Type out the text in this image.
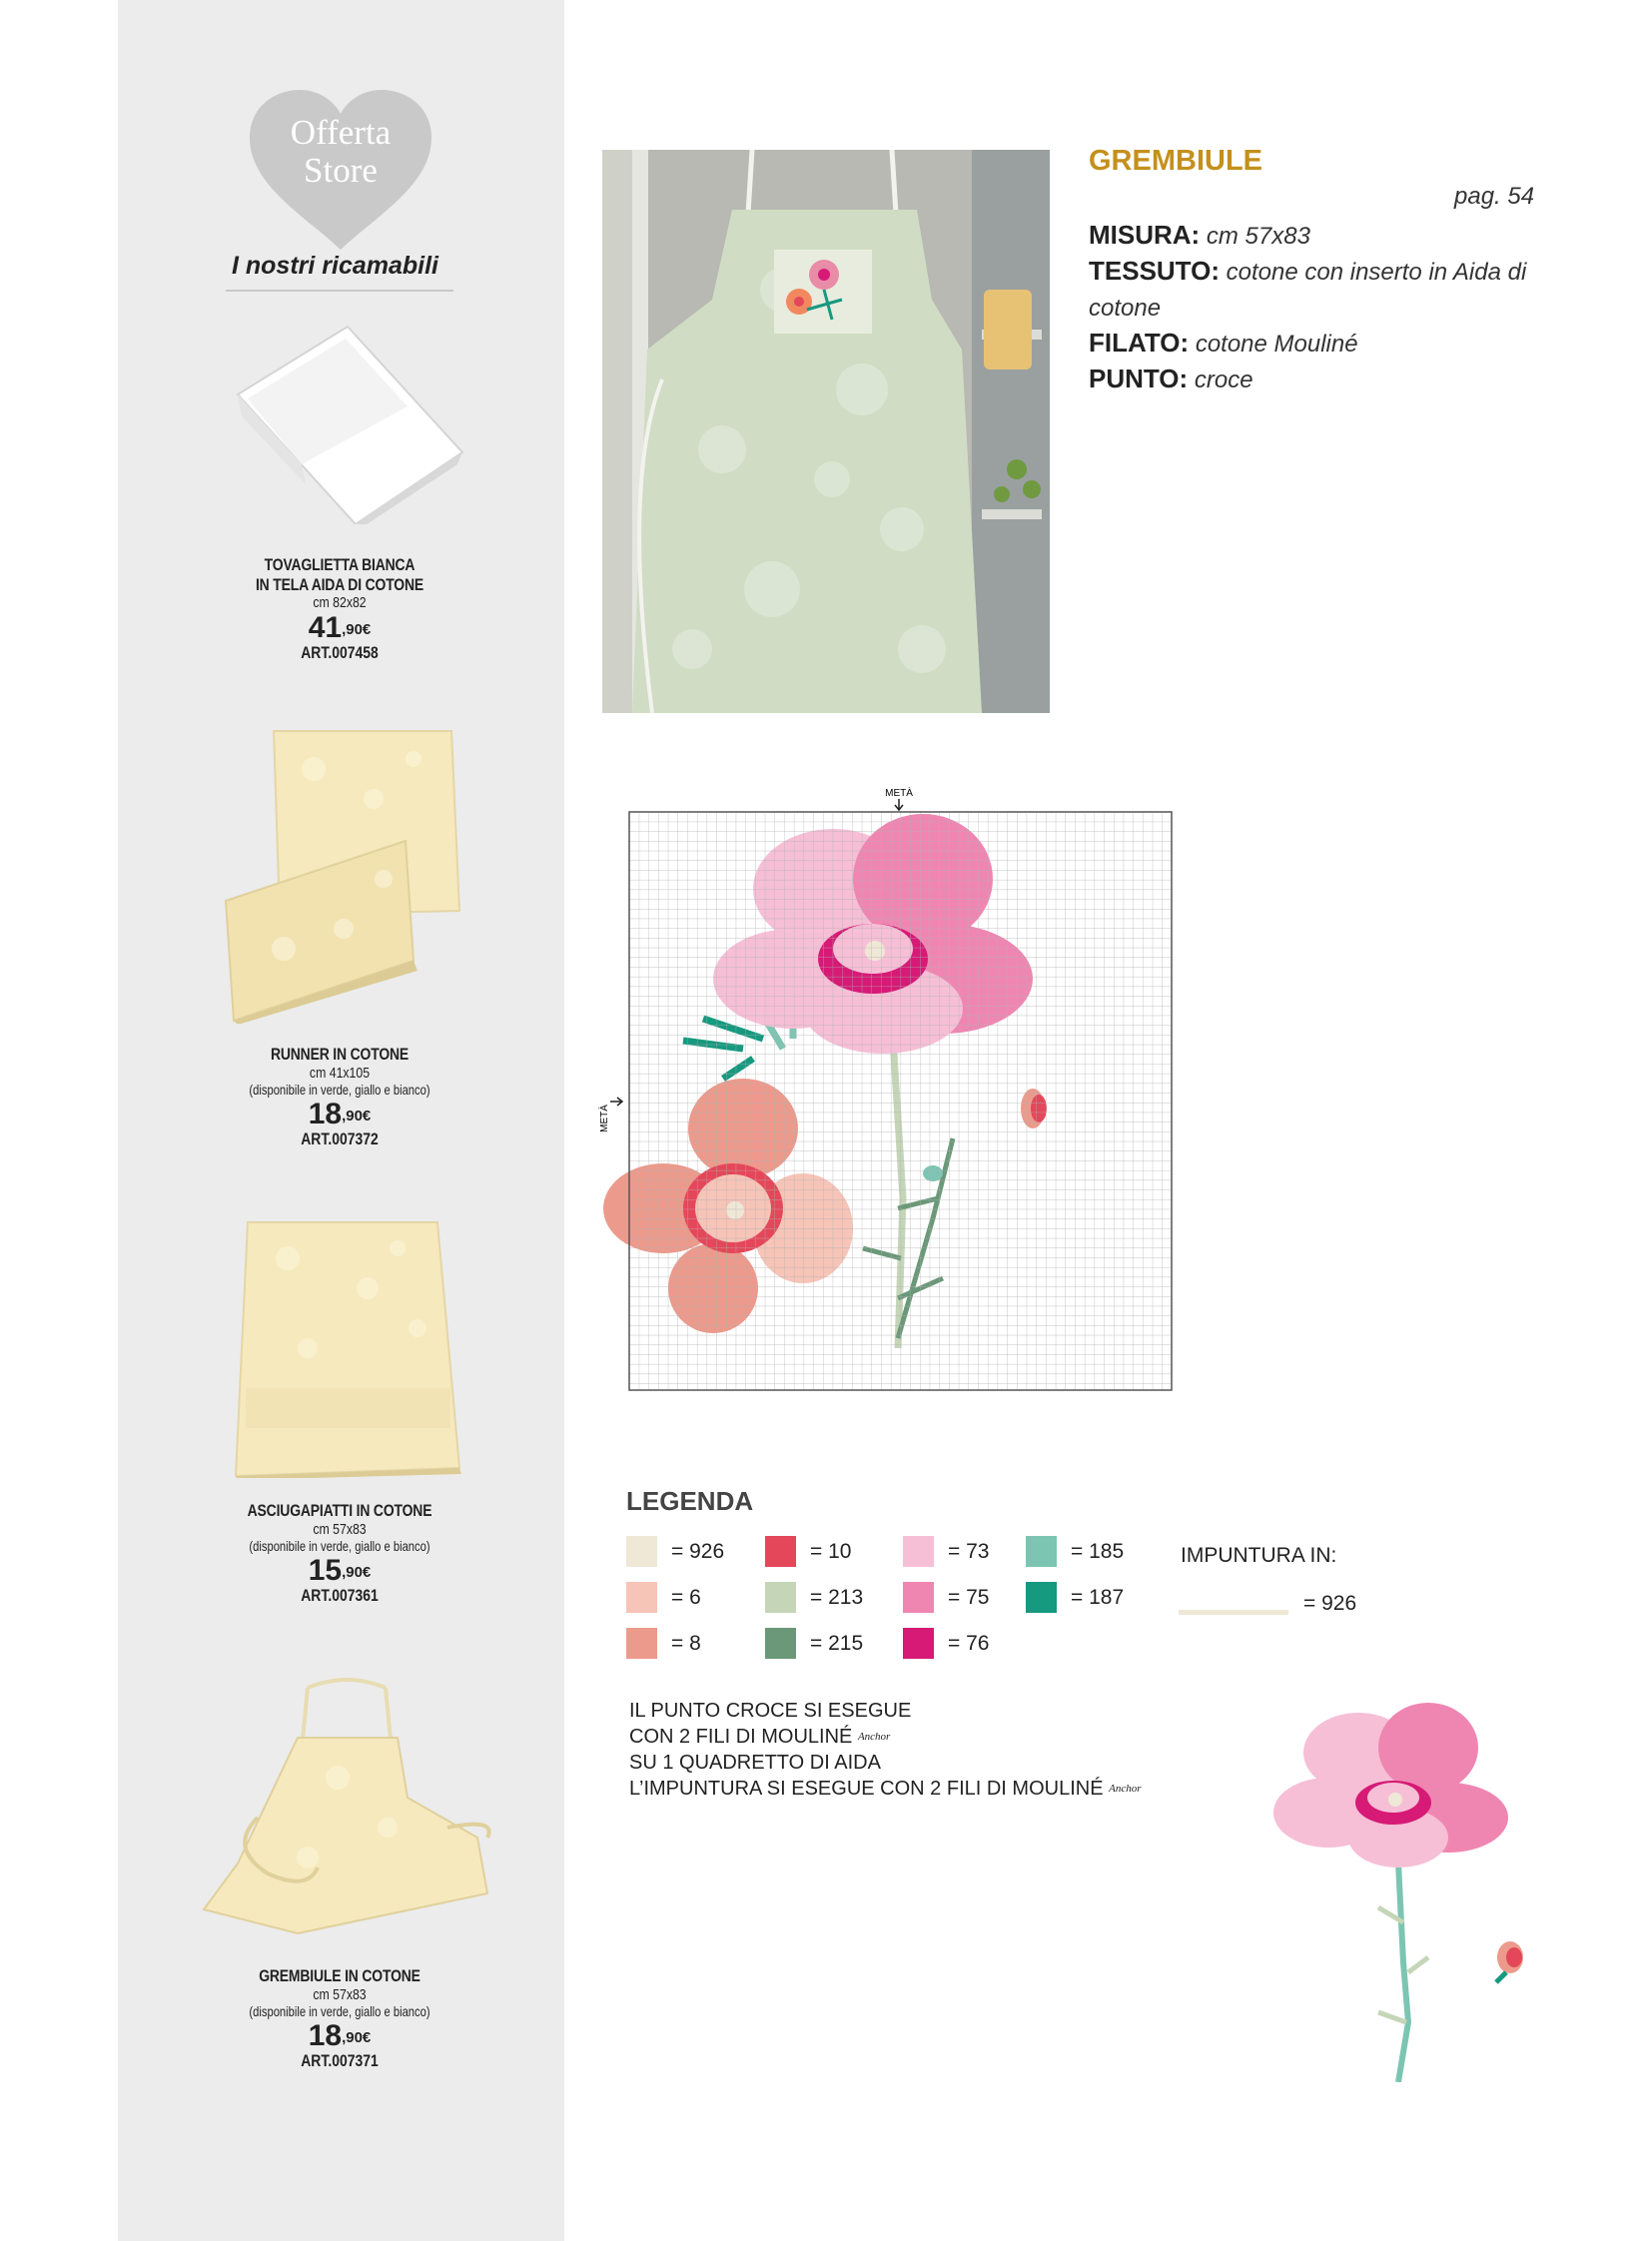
Offerta
Store
I nostri ricamabili
TOVAGLIETTA BIANCA
IN TELA AIDA DI COTONE
cm 82x82
$41^{,90€}$
ART.007458
RUNNER IN COTONE
cm 41x105
(disponibile in verde, giallo e bianco)
$18^{,90€}$
ART.007372
ASCIUGAPIATTI IN COTONE
cm 57x83
(disponibile in verde, giallo e bianco)
$15^{,90€}$
ART.007361
GREMBIULE IN COTONE
cm 57x83
(disponibile in verde, giallo e bianco)
$18^{,90€}$
ART.007371
GREMBIULE
pag. 54
MISURA: cm 57x83
TESSUTO: cotone con inserto in Aida di cotone
FILATO: cotone Mouliné
PUNTO: croce
METÀ
METÀ
LEGENDA
= 926	= 10	= 73	= 185
= 6	= 213	= 75	= 187
= 8	= 215	= 76
IMPUNTURA IN:
= 926
IL PUNTO CROCE SI ESEGUE
CON 2 FILI DI MOULINÉ $^{Anchor}$
SU 1 QUADRETTO DI AIDA
L’IMPUNTURA SI ESEGUE CON 2 FILI DI MOULINÉ $^{Anchor}$
